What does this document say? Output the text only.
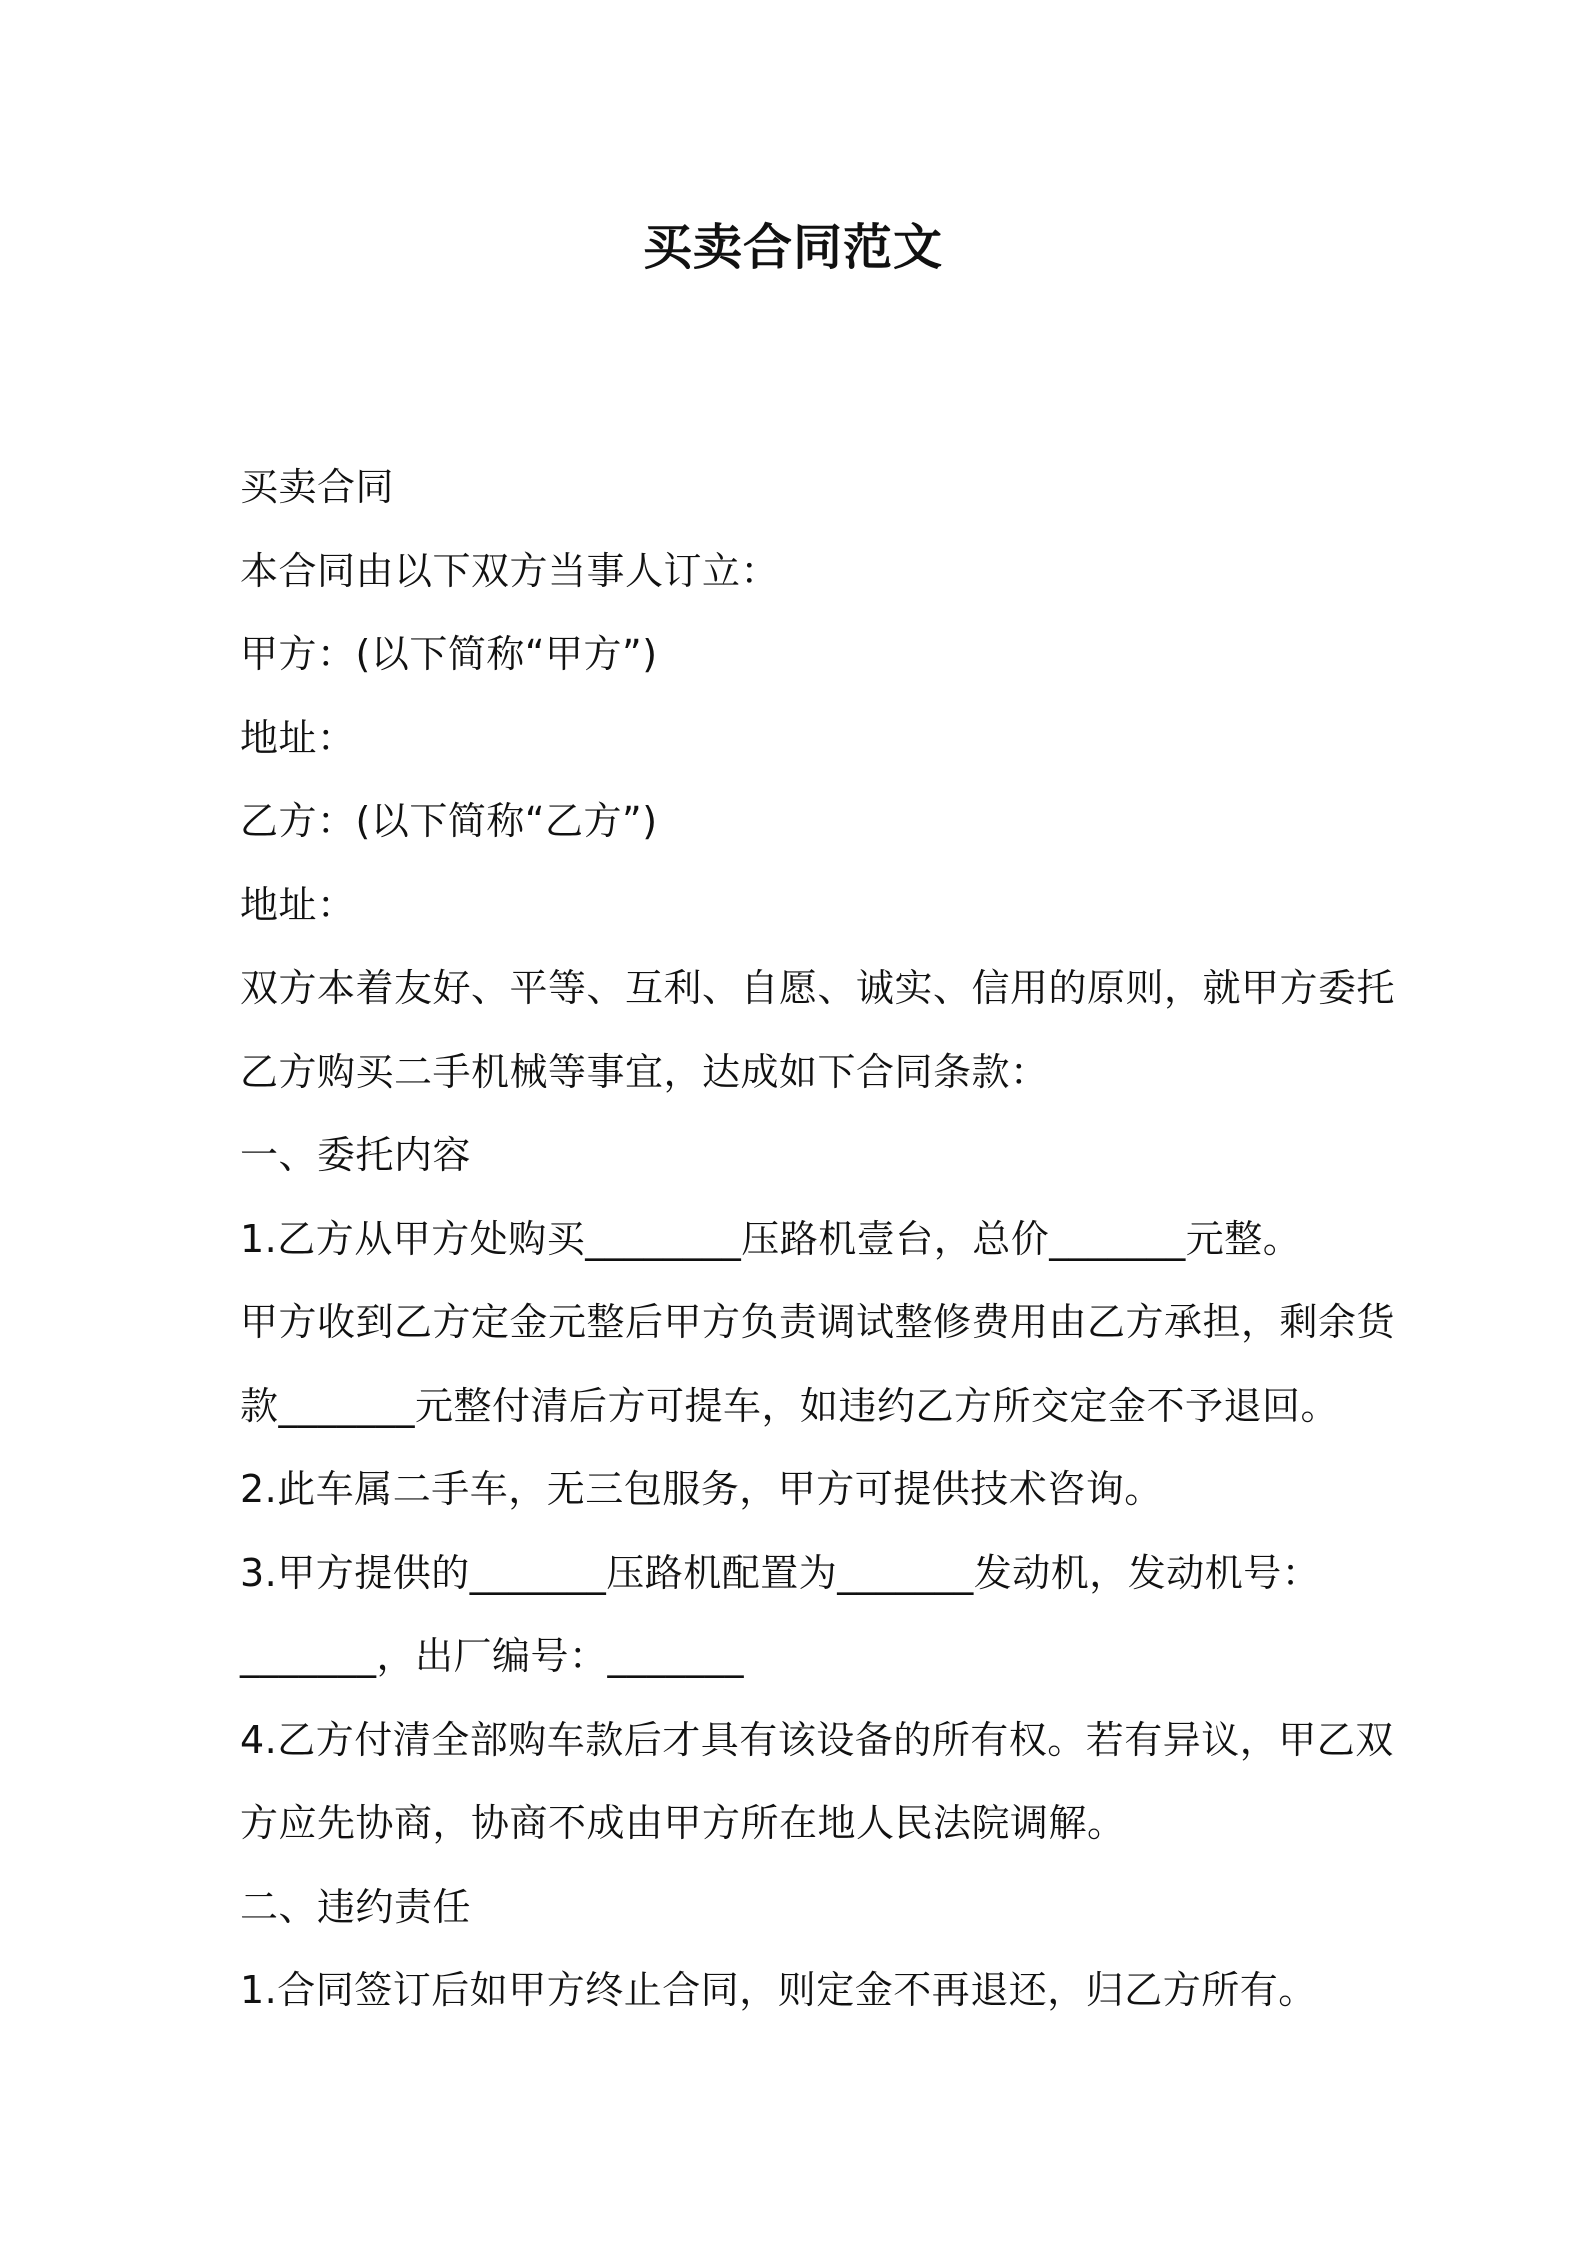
买卖合同范文
买卖合同
本合同由以下双方当事人订立：
甲方：(以下简称“甲方”)
地址：
乙方：(以下简称“乙方”)
地址：
双方本着友好、平等、互利、自愿、诚实、信用的原则，就甲方委托
乙方购买二手机械等事宜，达成如下合同条款：
一、委托内容
1.乙方从甲方处购买________压路机壹台，总价_______元整。
甲方收到乙方定金元整后甲方负责调试整修费用由乙方承担，剩余货
款_______元整付清后方可提车，如违约乙方所交定金不予退回。
2.此车属二手车，无三包服务，甲方可提供技术咨询。
3.甲方提供的_______压路机配置为_______发动机，发动机号：
_______，出厂编号：_______
4.乙方付清全部购车款后才具有该设备的所有权。若有异议，甲乙双
方应先协商，协商不成由甲方所在地人民法院调解。
二、违约责任
1.合同签订后如甲方终止合同，则定金不再退还，归乙方所有。
